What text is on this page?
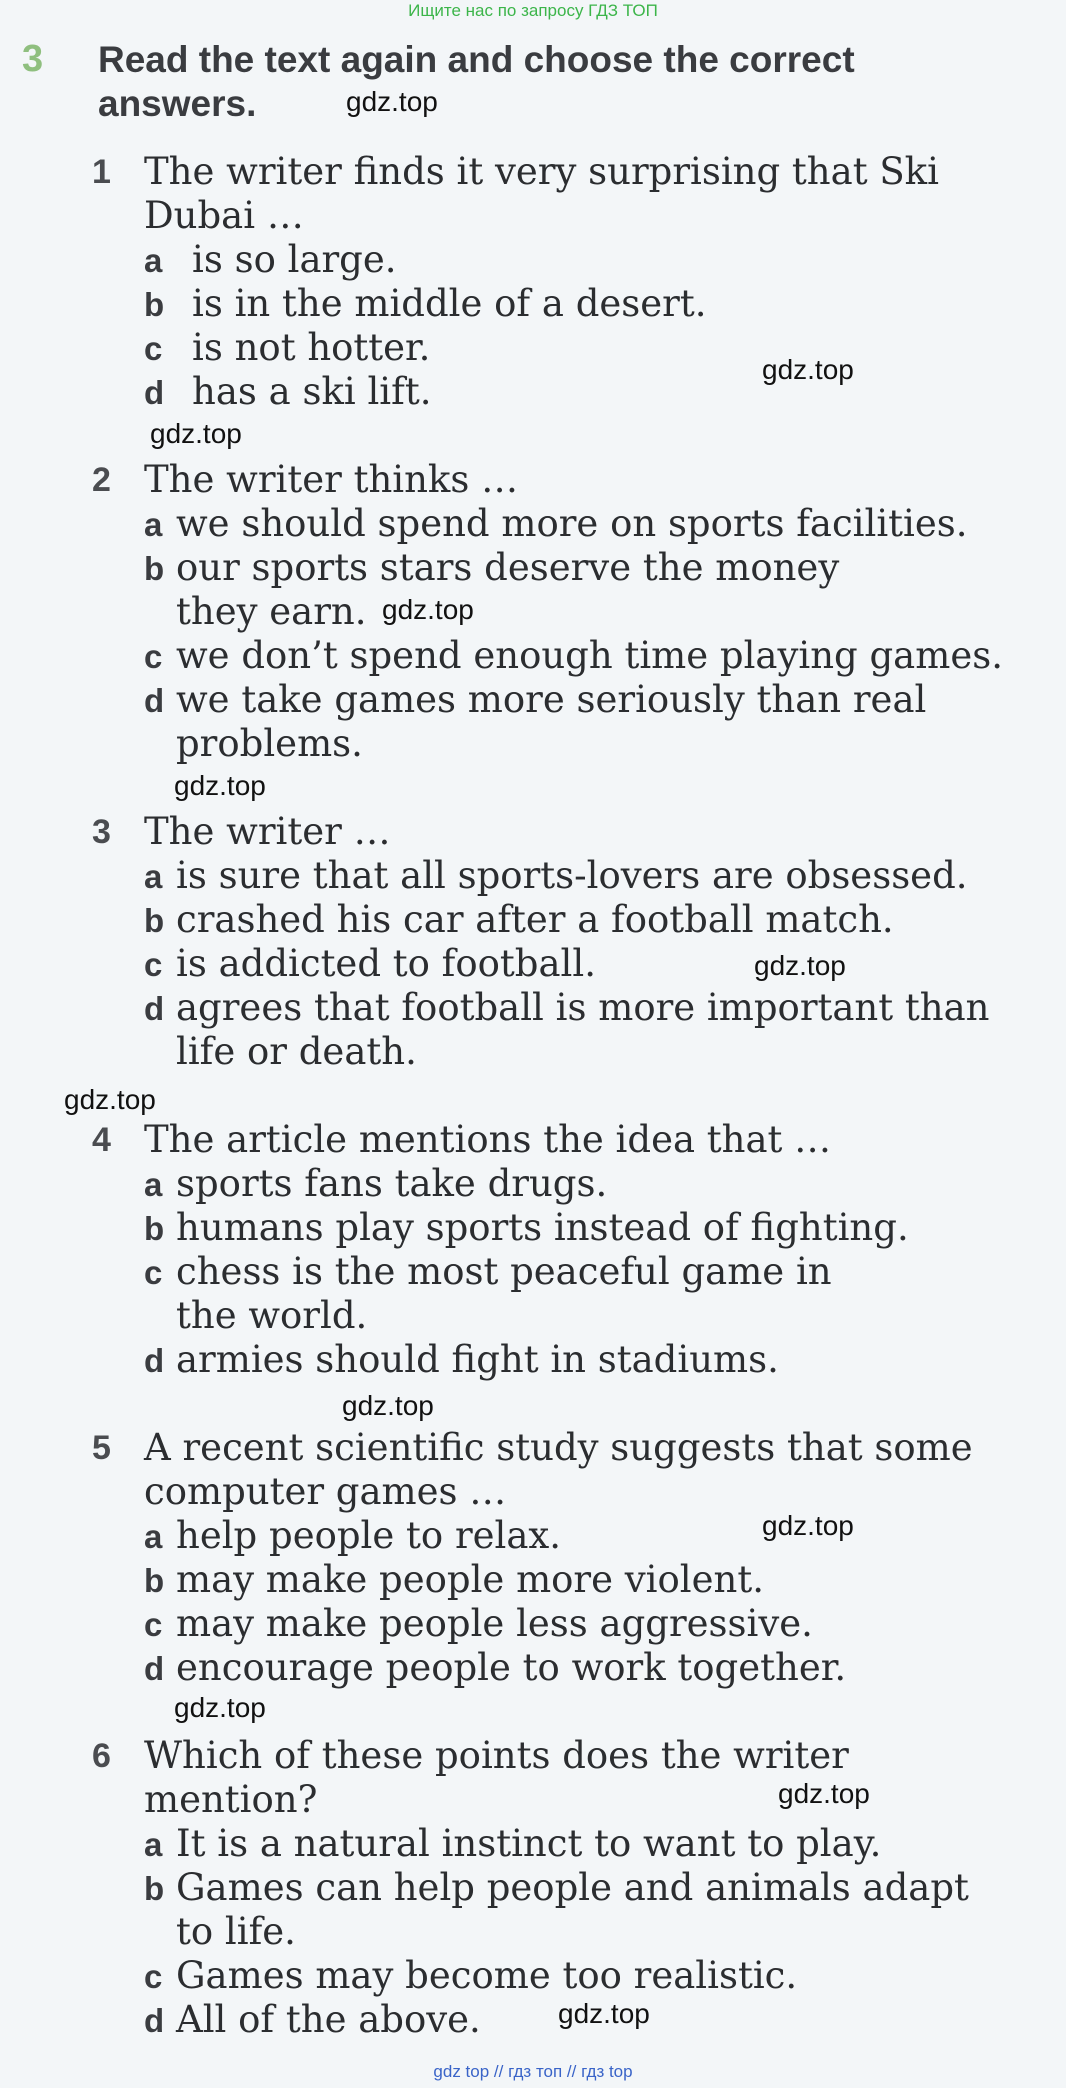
Ищите нас по запросу ГДЗ ТОП
3 Read the text again and choose the correct
answers.
1 The writer finds it very surprising that Ski
Dubai …
a is so large.
b is in the middle of a desert.
c is not hotter.
d has a ski lift.
2 The writer thinks …
a we should spend more on sports facilities.
b our sports stars deserve the money
they earn.
c we don’t spend enough time playing games.
d we take games more seriously than real
problems.
3 The writer …
a is sure that all sports-lovers are obsessed.
b crashed his car after a football match.
c is addicted to football.
d agrees that football is more important than
life or death.
4 The article mentions the idea that …
a sports fans take drugs.
b humans play sports instead of fighting.
c chess is the most peaceful game in
the world.
d armies should fight in stadiums.
5 A recent scientific study suggests that some
computer games …
a help people to relax.
b may make people more violent.
c may make people less aggressive.
d encourage people to work together.
6 Which of these points does the writer
mention?
a It is a natural instinct to want to play.
b Games can help people and animals adapt
to life.
c Games may become too realistic.
d All of the above.
gdz.top
gdz.top
gdz.top
gdz.top
gdz.top
gdz.top
gdz.top
gdz.top
gdz.top
gdz.top
gdz.top
gdz.top
gdz top // гдз топ // гдз top
